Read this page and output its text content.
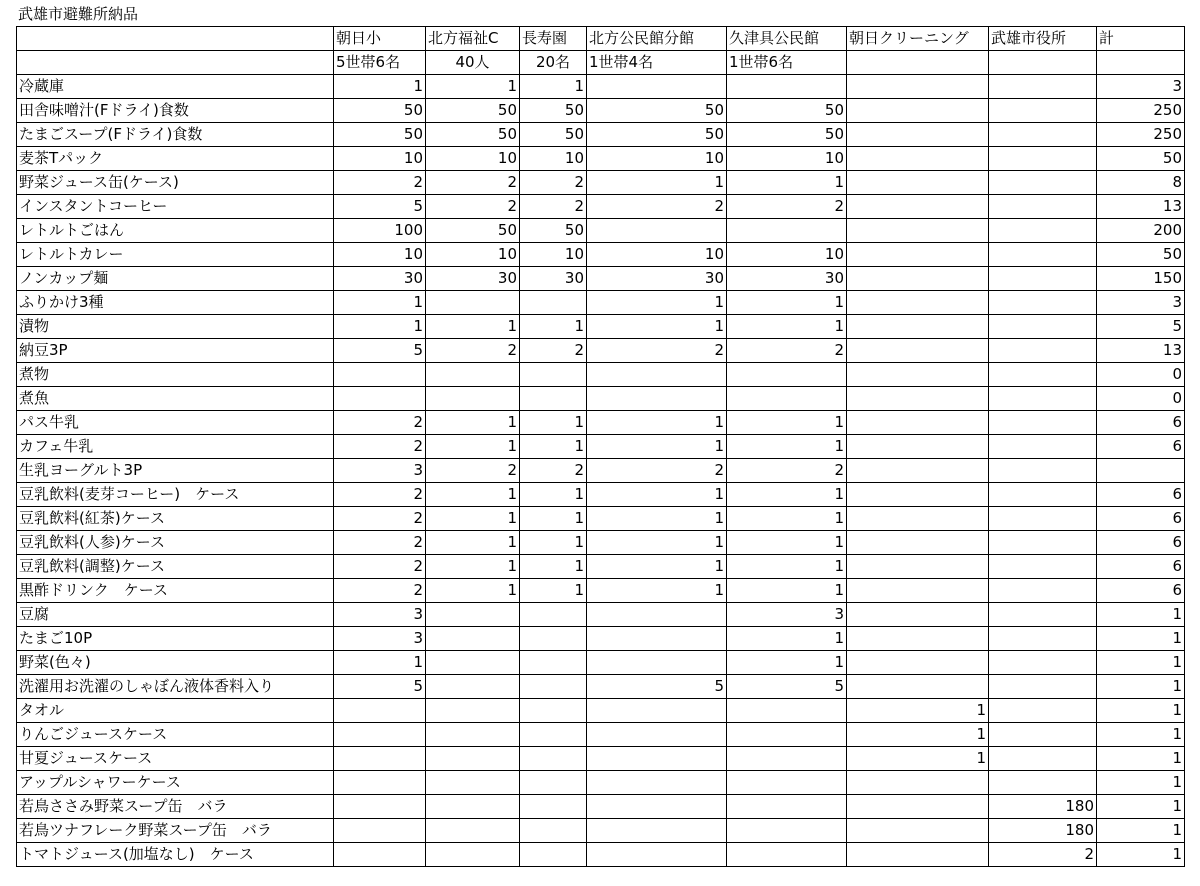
武雄市避難所納品
	朝日小	北方福祉C	長寿園	北方公民館分館	久津具公民館	朝日クリーニング	武雄市役所	計
	5世帯6名	40人	20名	1世帯4名	1世帯6名			
冷蔵庫	1	1	1					3
田舎味噌汁(Fドライ)食数	50	50	50	50	50			250
たまごスープ(Fドライ)食数	50	50	50	50	50			250
麦茶Tパック	10	10	10	10	10			50
野菜ジュース缶(ケース)	2	2	2	1	1			8
インスタントコーヒー	5	2	2	2	2			13
レトルトごはん	100	50	50					200
レトルトカレー	10	10	10	10	10			50
ノンカップ麺	30	30	30	30	30			150
ふりかけ3種	1			1	1			3
漬物	1	1	1	1	1			5
納豆3P	5	2	2	2	2			13
煮物								0
煮魚								0
パス牛乳	2	1	1	1	1			6
カフェ牛乳	2	1	1	1	1			6
生乳ヨーグルト3P	3	2	2	2	2			
豆乳飲料(麦芽コーヒー)　ケース	2	1	1	1	1			6
豆乳飲料(紅茶)ケース	2	1	1	1	1			6
豆乳飲料(人参)ケース	2	1	1	1	1			6
豆乳飲料(調整)ケース	2	1	1	1	1			6
黒酢ドリンク　ケース	2	1	1	1	1			6
豆腐	3				3			1
たまご10P	3				1			1
野菜(色々)	1				1			1
洗濯用お洗濯のしゃぼん液体香料入り	5			5	5			1
タオル						1		1
りんごジュースケース						1		1
甘夏ジュースケース						1		1
アップルシャワーケース								1
若鳥ささみ野菜スープ缶　バラ							180	1
若鳥ツナフレーク野菜スープ缶　バラ							180	1
トマトジュース(加塩なし)　ケース							2	1
